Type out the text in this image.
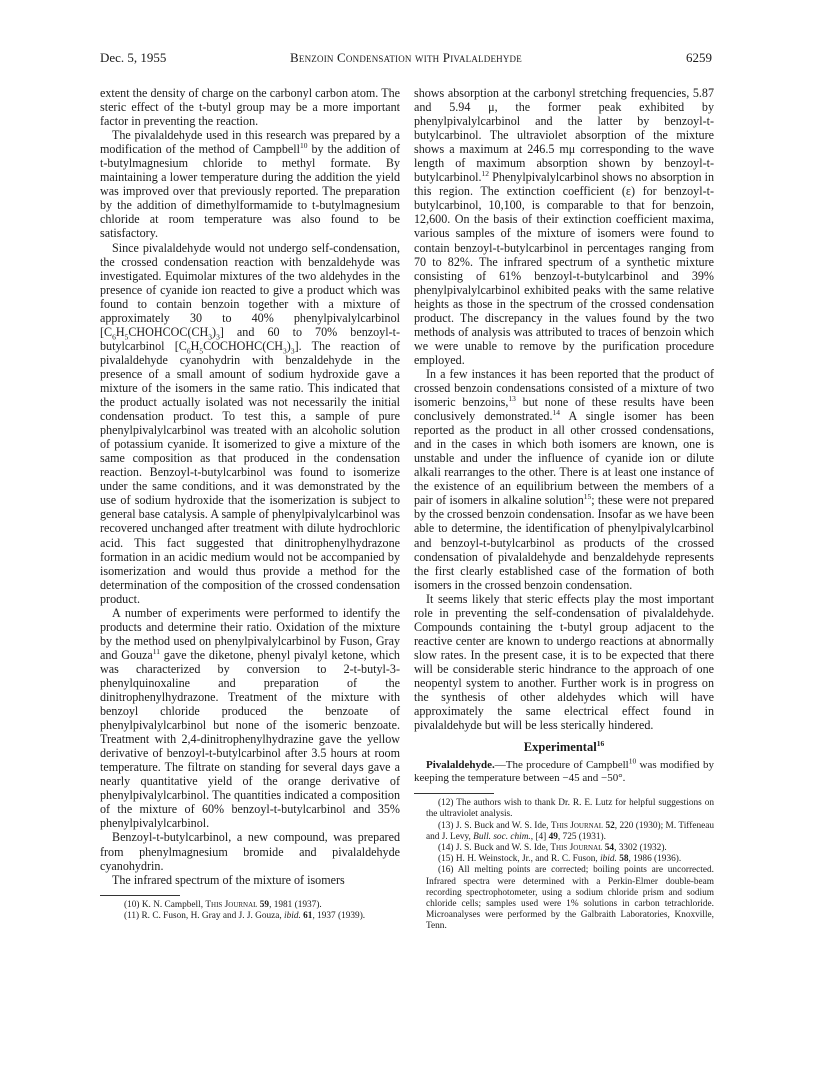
Dec. 5, 1955	Benzoin Condensation with Pivalaldehyde	6259

extent the density of charge on the carbonyl carbon atom. The steric effect of the t-butyl group may be a more important factor in preventing the reaction.

The pivalaldehyde used in this research was prepared by a modification of the method of Campbell$^{10}$ by the addition of t-butylmagnesium chloride to methyl formate. By maintaining a lower temperature during the addition the yield was improved over that previously reported. The preparation by the addition of dimethylformamide to t-butylmagnesium chloride at room temperature was also found to be satisfactory.

Since pivalaldehyde would not undergo self-condensation, the crossed condensation reaction with benzaldehyde was investigated. Equimolar mixtures of the two aldehydes in the presence of cyanide ion reacted to give a product which was found to contain benzoin together with a mixture of approximately 30 to 40% phenylpivalylcarbinol $[C_6H_5CHOHCOC(CH_3)_3]$ and 60 to 70% benzoyl-t-butylcarbinol $[C_6H_5COCHOHC(CH_3)_3]$. The reaction of pivalaldehyde cyanohydrin with benzaldehyde in the presence of a small amount of sodium hydroxide gave a mixture of the isomers in the same ratio. This indicated that the product actually isolated was not necessarily the initial condensation product. To test this, a sample of pure phenylpivalylcarbinol was treated with an alcoholic solution of potassium cyanide. It isomerized to give a mixture of the same composition as that produced in the condensation reaction. Benzoyl-t-butylcarbinol was found to isomerize under the same conditions, and it was demonstrated by the use of sodium hydroxide that the isomerization is subject to general base catalysis. A sample of phenylpivalylcarbinol was recovered unchanged after treatment with dilute hydrochloric acid. This fact suggested that dinitrophenylhydrazone formation in an acidic medium would not be accompanied by isomerization and would thus provide a method for the determination of the composition of the crossed condensation product.

A number of experiments were performed to identify the products and determine their ratio. Oxidation of the mixture by the method used on phenylpivalylcarbinol by Fuson, Gray and Gouza$^{11}$ gave the diketone, phenyl pivalyl ketone, which was characterized by conversion to 2-t-butyl-3-phenylquinoxaline and preparation of the dinitrophenylhydrazone. Treatment of the mixture with benzoyl chloride produced the benzoate of phenylpivalylcarbinol but none of the isomeric benzoate. Treatment with 2,4-dinitrophenylhydrazine gave the yellow derivative of benzoyl-t-butylcarbinol after 3.5 hours at room temperature. The filtrate on standing for several days gave a nearly quantitative yield of the orange derivative of phenylpivalylcarbinol. The quantities indicated a composition of the mixture of 60% benzoyl-t-butylcarbinol and 35% phenylpivalylcarbinol.

Benzoyl-t-butylcarbinol, a new compound, was prepared from phenylmagnesium bromide and pivalaldehyde cyanohydrin.

The infrared spectrum of the mixture of isomers

(10) K. N. Campbell, This Journal 59, 1981 (1937).

(11) R. C. Fuson, H. Gray and J. J. Gouza, ibid. 61, 1937 (1939).

shows absorption at the carbonyl stretching frequencies, 5.87 and 5.94 μ, the former peak exhibited by phenylpivalylcarbinol and the latter by benzoyl-t-butylcarbinol. The ultraviolet absorption of the mixture shows a maximum at 246.5 mμ corresponding to the wave length of maximum absorption shown by benzoyl-t-butylcarbinol.$^{12}$ Phenylpivalylcarbinol shows no absorption in this region. The extinction coefficient (ε) for benzoyl-t-butylcarbinol, 10,100, is comparable to that for benzoin, 12,600. On the basis of their extinction coefficient maxima, various samples of the mixture of isomers were found to contain benzoyl-t-butylcarbinol in percentages ranging from 70 to 82%. The infrared spectrum of a synthetic mixture consisting of 61% benzoyl-t-butylcarbinol and 39% phenylpivalylcarbinol exhibited peaks with the same relative heights as those in the spectrum of the crossed condensation product. The discrepancy in the values found by the two methods of analysis was attributed to traces of benzoin which we were unable to remove by the purification procedure employed.

In a few instances it has been reported that the product of crossed benzoin condensations consisted of a mixture of two isomeric benzoins,$^{13}$ but none of these results have been conclusively demonstrated.$^{14}$ A single isomer has been reported as the product in all other crossed condensations, and in the cases in which both isomers are known, one is unstable and under the influence of cyanide ion or dilute alkali rearranges to the other. There is at least one instance of the existence of an equilibrium between the members of a pair of isomers in alkaline solution$^{15}$; these were not prepared by the crossed benzoin condensation. Insofar as we have been able to determine, the identification of phenylpivalylcarbinol and benzoyl-t-butylcarbinol as products of the crossed condensation of pivalaldehyde and benzaldehyde represents the first clearly established case of the formation of both isomers in the crossed benzoin condensation.

It seems likely that steric effects play the most important role in preventing the self-condensation of pivalaldehyde. Compounds containing the t-butyl group adjacent to the reactive center are known to undergo reactions at abnormally slow rates. In the present case, it is to be expected that there will be considerable steric hindrance to the approach of one neopentyl system to another. Further work is in progress on the synthesis of other aldehydes which will have approximately the same electrical effect found in pivalaldehyde but will be less sterically hindered.

Experimental$^{16}$

Pivalaldehyde.—The procedure of Campbell$^{10}$ was modified by keeping the temperature between −45 and −50°.

(12) The authors wish to thank Dr. R. E. Lutz for helpful suggestions on the ultraviolet analysis.

(13) J. S. Buck and W. S. Ide, This Journal 52, 220 (1930); M. Tiffeneau and J. Levy, Bull. soc. chim., [4] 49, 725 (1931).

(14) J. S. Buck and W. S. Ide, This Journal 54, 3302 (1932).

(15) H. H. Weinstock, Jr., and R. C. Fuson, ibid. 58, 1986 (1936).

(16) All melting points are corrected; boiling points are uncorrected. Infrared spectra were determined with a Perkin-Elmer double-beam recording spectrophotometer, using a sodium chloride prism and sodium chloride cells; samples used were 1% solutions in carbon tetrachloride. Microanalyses were performed by the Galbraith Laboratories, Knoxville, Tenn.
